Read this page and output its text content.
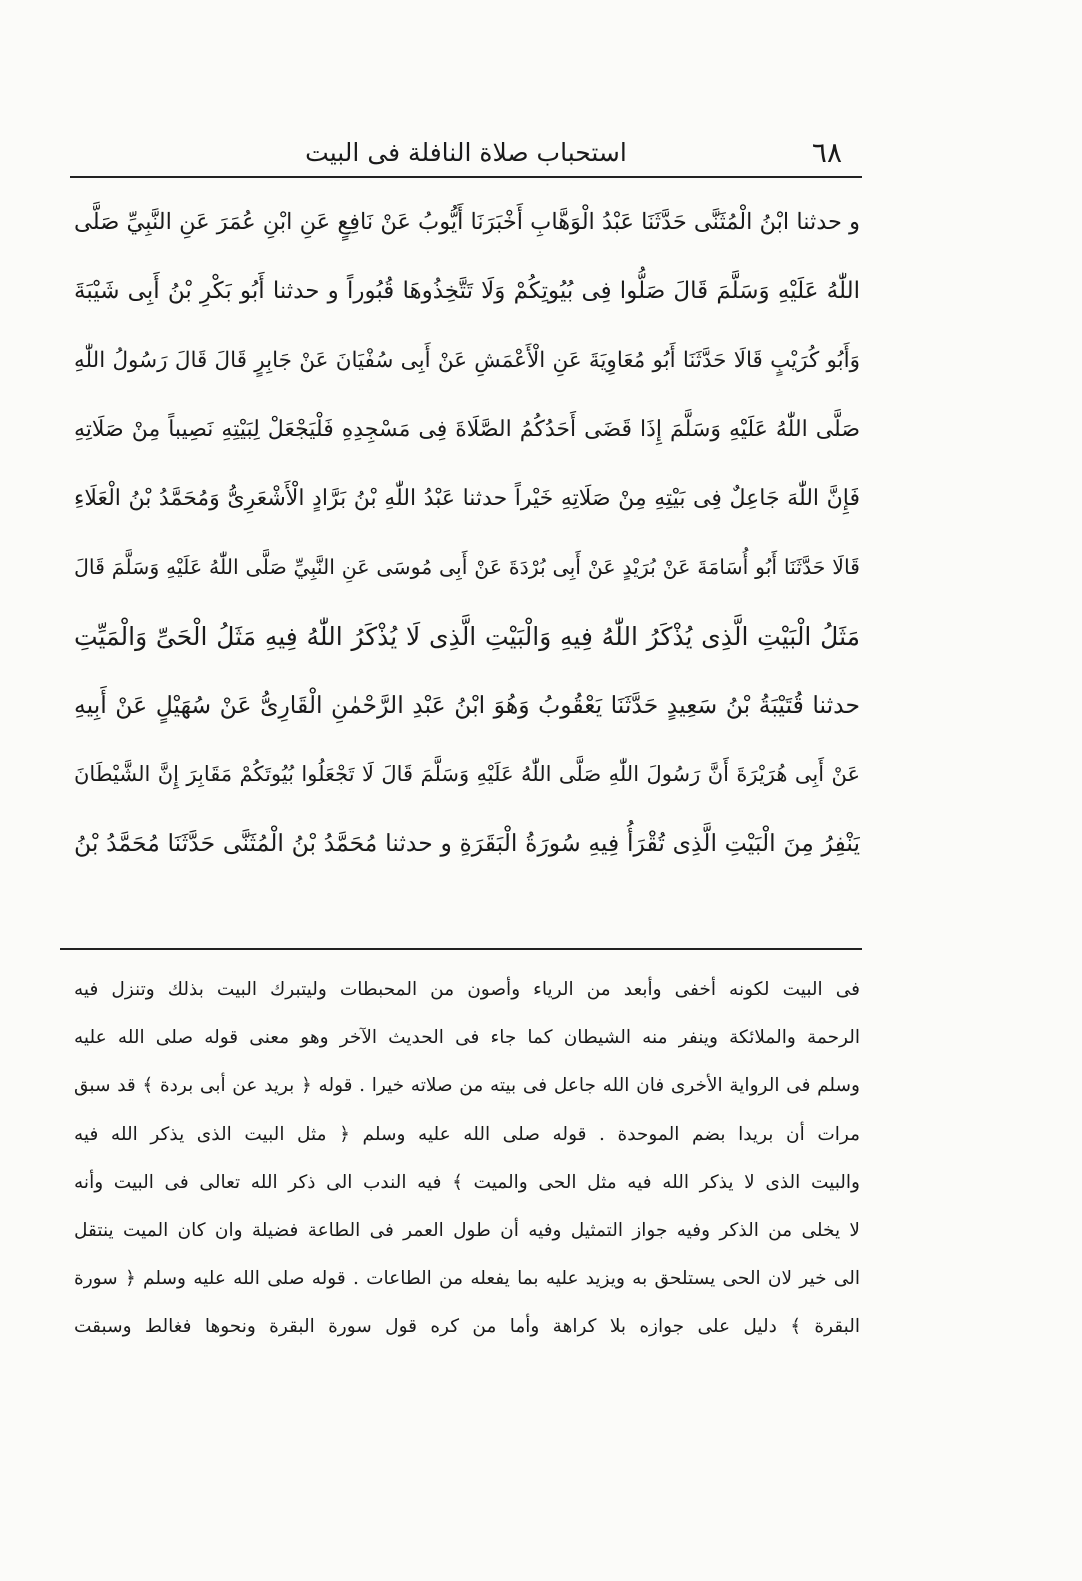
٦٨
استحباب صلاة النافلة فى البيت
و حدثنا ابْنُ الْمُثَنَّى حَدَّثَنَا عَبْدُ الْوَهَّابِ أَخْبَرَنَا أَيُّوبُ عَنْ نَافِعٍ عَنِ ابْنِ عُمَرَ عَنِ النَّبِيِّ صَلَّى
اللّٰهُ عَلَيْهِ وَسَلَّمَ قَالَ صَلُّوا فِى بُيُوتِكُمْ وَلَا تَتَّخِذُوهَا قُبُوراً و حدثنا أَبُو بَكْرِ بْنُ أَبِى شَيْبَةَ
وَأَبُو كُرَيْبٍ قَالَا حَدَّثَنَا أَبُو مُعَاوِيَةَ عَنِ الْأَعْمَشِ عَنْ أَبِى سُفْيَانَ عَنْ جَابِرٍ قَالَ قَالَ رَسُولُ اللّٰهِ
صَلَّى اللّٰهُ عَلَيْهِ وَسَلَّمَ إِذَا قَضَى أَحَدُكُمُ الصَّلَاةَ فِى مَسْجِدِهِ فَلْيَجْعَلْ لِبَيْتِهِ نَصِيباً مِنْ صَلَاتِهِ
فَإِنَّ اللّٰهَ جَاعِلٌ فِى بَيْتِهِ مِنْ صَلَاتِهِ خَيْراً حدثنا عَبْدُ اللّٰهِ بْنُ بَرَّادٍ الْأَشْعَرِىُّ وَمُحَمَّدُ بْنُ الْعَلَاءِ
قَالَا حَدَّثَنَا أَبُو أُسَامَةَ عَنْ بُرَيْدٍ عَنْ أَبِى بُرْدَةَ عَنْ أَبِى مُوسَى عَنِ النَّبِيِّ صَلَّى اللّٰهُ عَلَيْهِ وَسَلَّمَ قَالَ
مَثَلُ الْبَيْتِ الَّذِى يُذْكَرُ اللّٰهُ فِيهِ وَالْبَيْتِ الَّذِى لَا يُذْكَرُ اللّٰهُ فِيهِ مَثَلُ الْحَىِّ وَالْمَيِّتِ
حدثنا قُتَيْبَةُ بْنُ سَعِيدٍ حَدَّثَنَا يَعْقُوبُ وَهُوَ ابْنُ عَبْدِ الرَّحْمٰنِ الْقَارِىُّ عَنْ سُهَيْلٍ عَنْ أَبِيهِ
عَنْ أَبِى هُرَيْرَةَ أَنَّ رَسُولَ اللّٰهِ صَلَّى اللّٰهُ عَلَيْهِ وَسَلَّمَ قَالَ لَا تَجْعَلُوا بُيُوتَكُمْ مَقَابِرَ إِنَّ الشَّيْطَانَ
يَنْفِرُ مِنَ الْبَيْتِ الَّذِى تُقْرَأُ فِيهِ سُورَةُ الْبَقَرَةِ و حدثنا مُحَمَّدُ بْنُ الْمُثَنَّى حَدَّثَنَا مُحَمَّدُ بْنُ
فى البيت لكونه أخفى وأبعد من الرياء وأصون من المحبطات وليتبرك البيت بذلك وتنزل فيه
الرحمة والملائكة وينفر منه الشيطان كما جاء فى الحديث الآخر وهو معنى قوله صلى الله عليه
وسلم فى الرواية الأخرى فان الله جاعل فى بيته من صلاته خيرا . قوله ﴿ بريد عن أبى بردة ﴾ قد سبق
مرات أن بريدا بضم الموحدة . قوله صلى الله عليه وسلم ﴿ مثل البيت الذى يذكر الله فيه
والبيت الذى لا يذكر الله فيه مثل الحى والميت ﴾ فيه الندب الى ذكر الله تعالى فى البيت وأنه
لا يخلى من الذكر وفيه جواز التمثيل وفيه أن طول العمر فى الطاعة فضيلة وان كان الميت ينتقل
الى خير لان الحى يستلحق به ويزيد عليه بما يفعله من الطاعات . قوله صلى الله عليه وسلم ﴿ سورة
البقرة ﴾ دليل على جوازه بلا كراهة وأما من كره قول سورة البقرة ونحوها فغالط وسبقت
